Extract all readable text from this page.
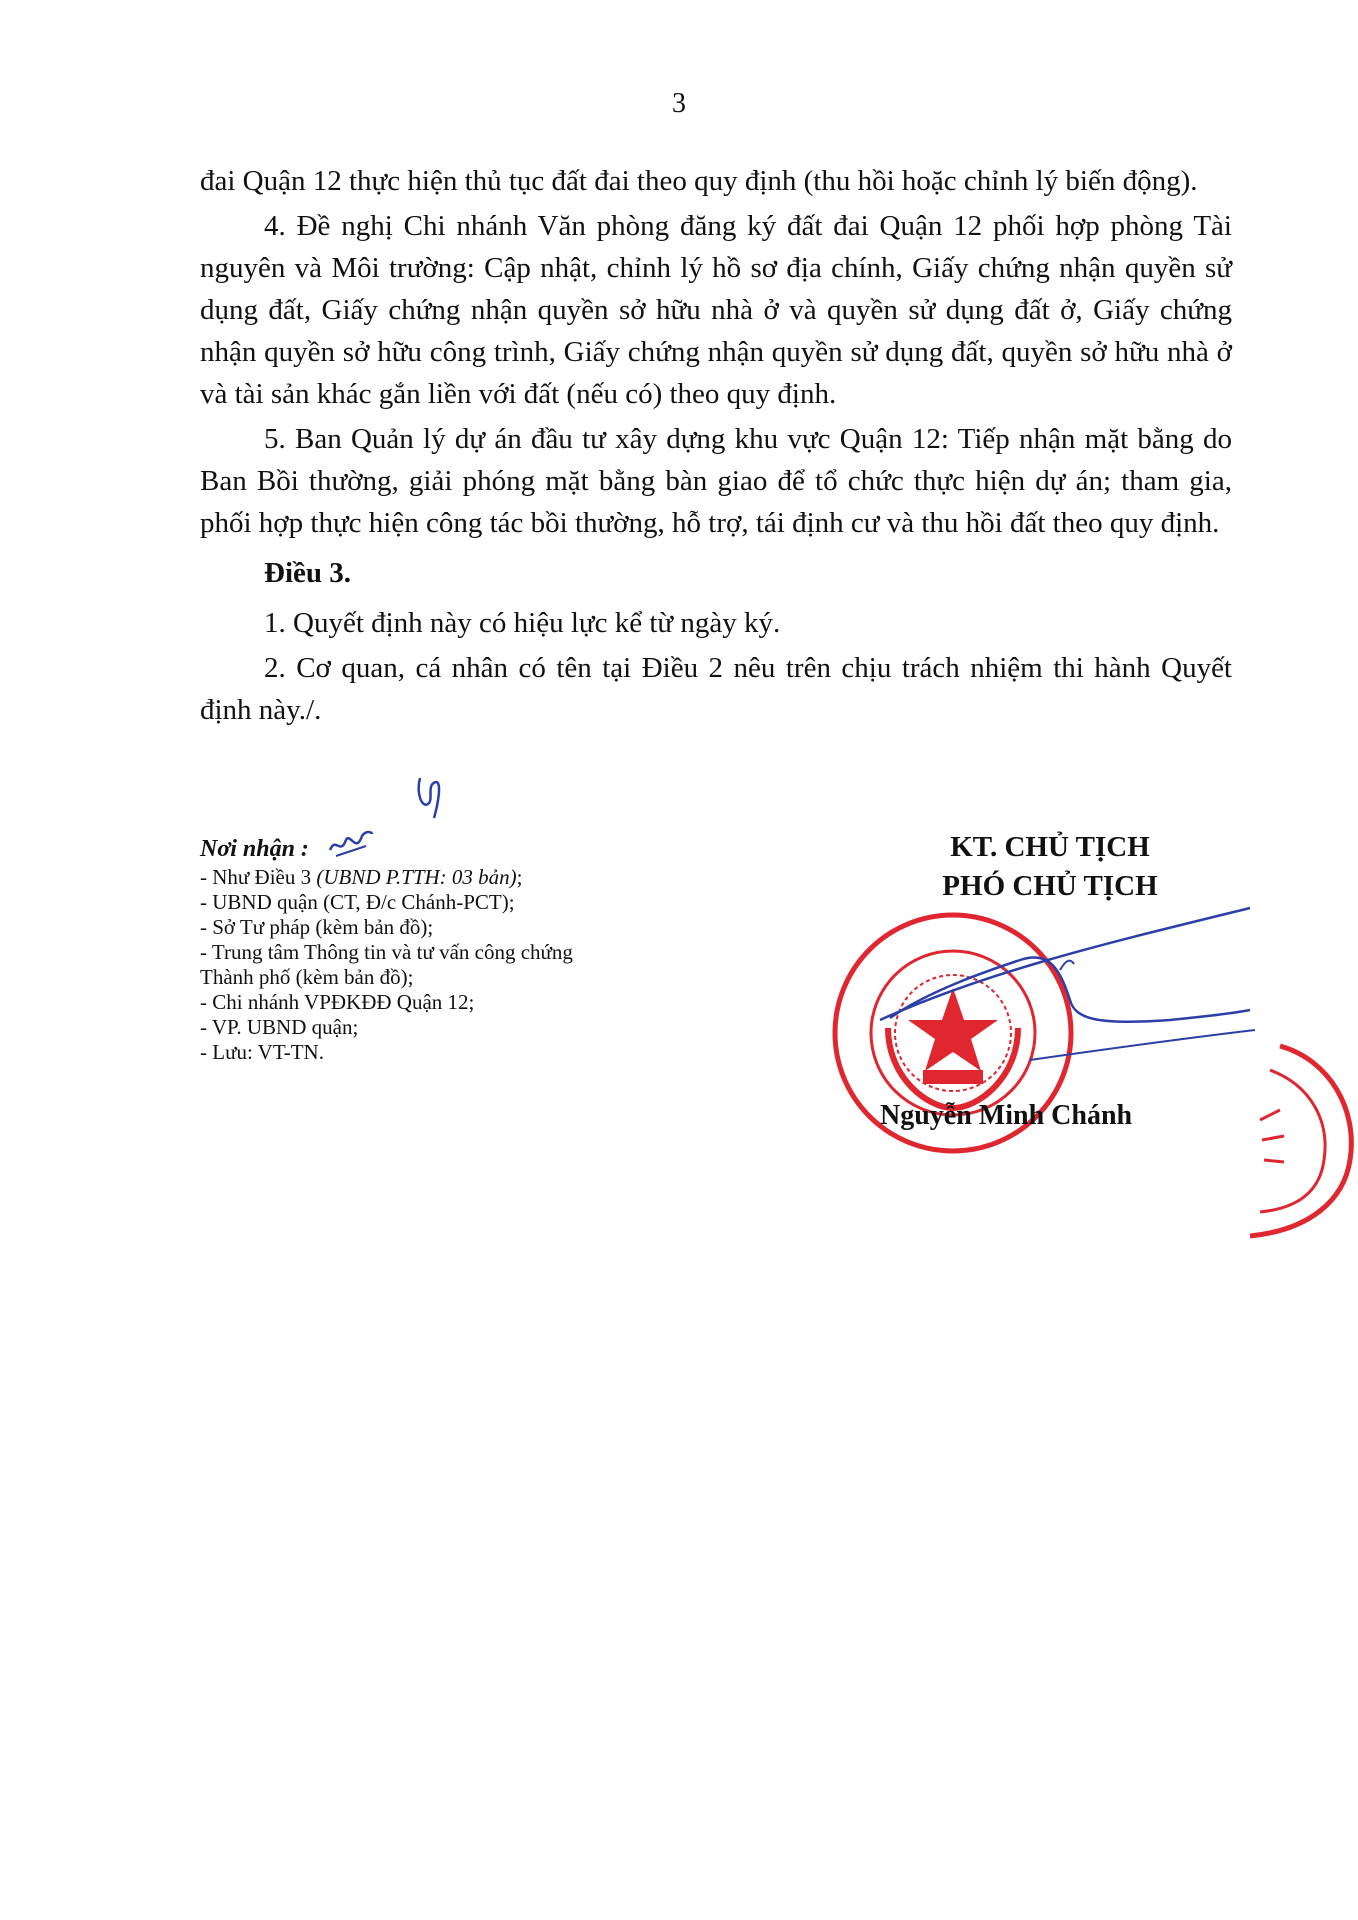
3

đai Quận 12 thực hiện thủ tục đất đai theo quy định (thu hồi hoặc chỉnh lý biến động).

4. Đề nghị Chi nhánh Văn phòng đăng ký đất đai Quận 12 phối hợp phòng Tài nguyên và Môi trường: Cập nhật, chỉnh lý hồ sơ địa chính, Giấy chứng nhận quyền sử dụng đất, Giấy chứng nhận quyền sở hữu nhà ở và quyền sử dụng đất ở, Giấy chứng nhận quyền sở hữu công trình, Giấy chứng nhận quyền sử dụng đất, quyền sở hữu nhà ở và tài sản khác gắn liền với đất (nếu có) theo quy định.

5. Ban Quản lý dự án đầu tư xây dựng khu vực Quận 12: Tiếp nhận mặt bằng do Ban Bồi thường, giải phóng mặt bằng bàn giao để tổ chức thực hiện dự án; tham gia, phối hợp thực hiện công tác bồi thường, hỗ trợ, tái định cư và thu hồi đất theo quy định.

Điều 3.

1. Quyết định này có hiệu lực kể từ ngày ký.

2. Cơ quan, cá nhân có tên tại Điều 2 nêu trên chịu trách nhiệm thi hành Quyết định này./.

Nơi nhận :

- Như Điều 3 (UBND P.TTH: 03 bản);

- UBND quận (CT, Đ/c Chánh-PCT);

- Sở Tư pháp (kèm bản đồ);

- Trung tâm Thông tin và tư vấn công chứng Thành phố (kèm bản đồ);

- Chi nhánh VPĐKĐĐ Quận 12;

- VP. UBND quận;

- Lưu: VT-TN.

KT. CHỦ TỊCH
PHÓ CHỦ TỊCH
Nguyễn Minh Chánh
